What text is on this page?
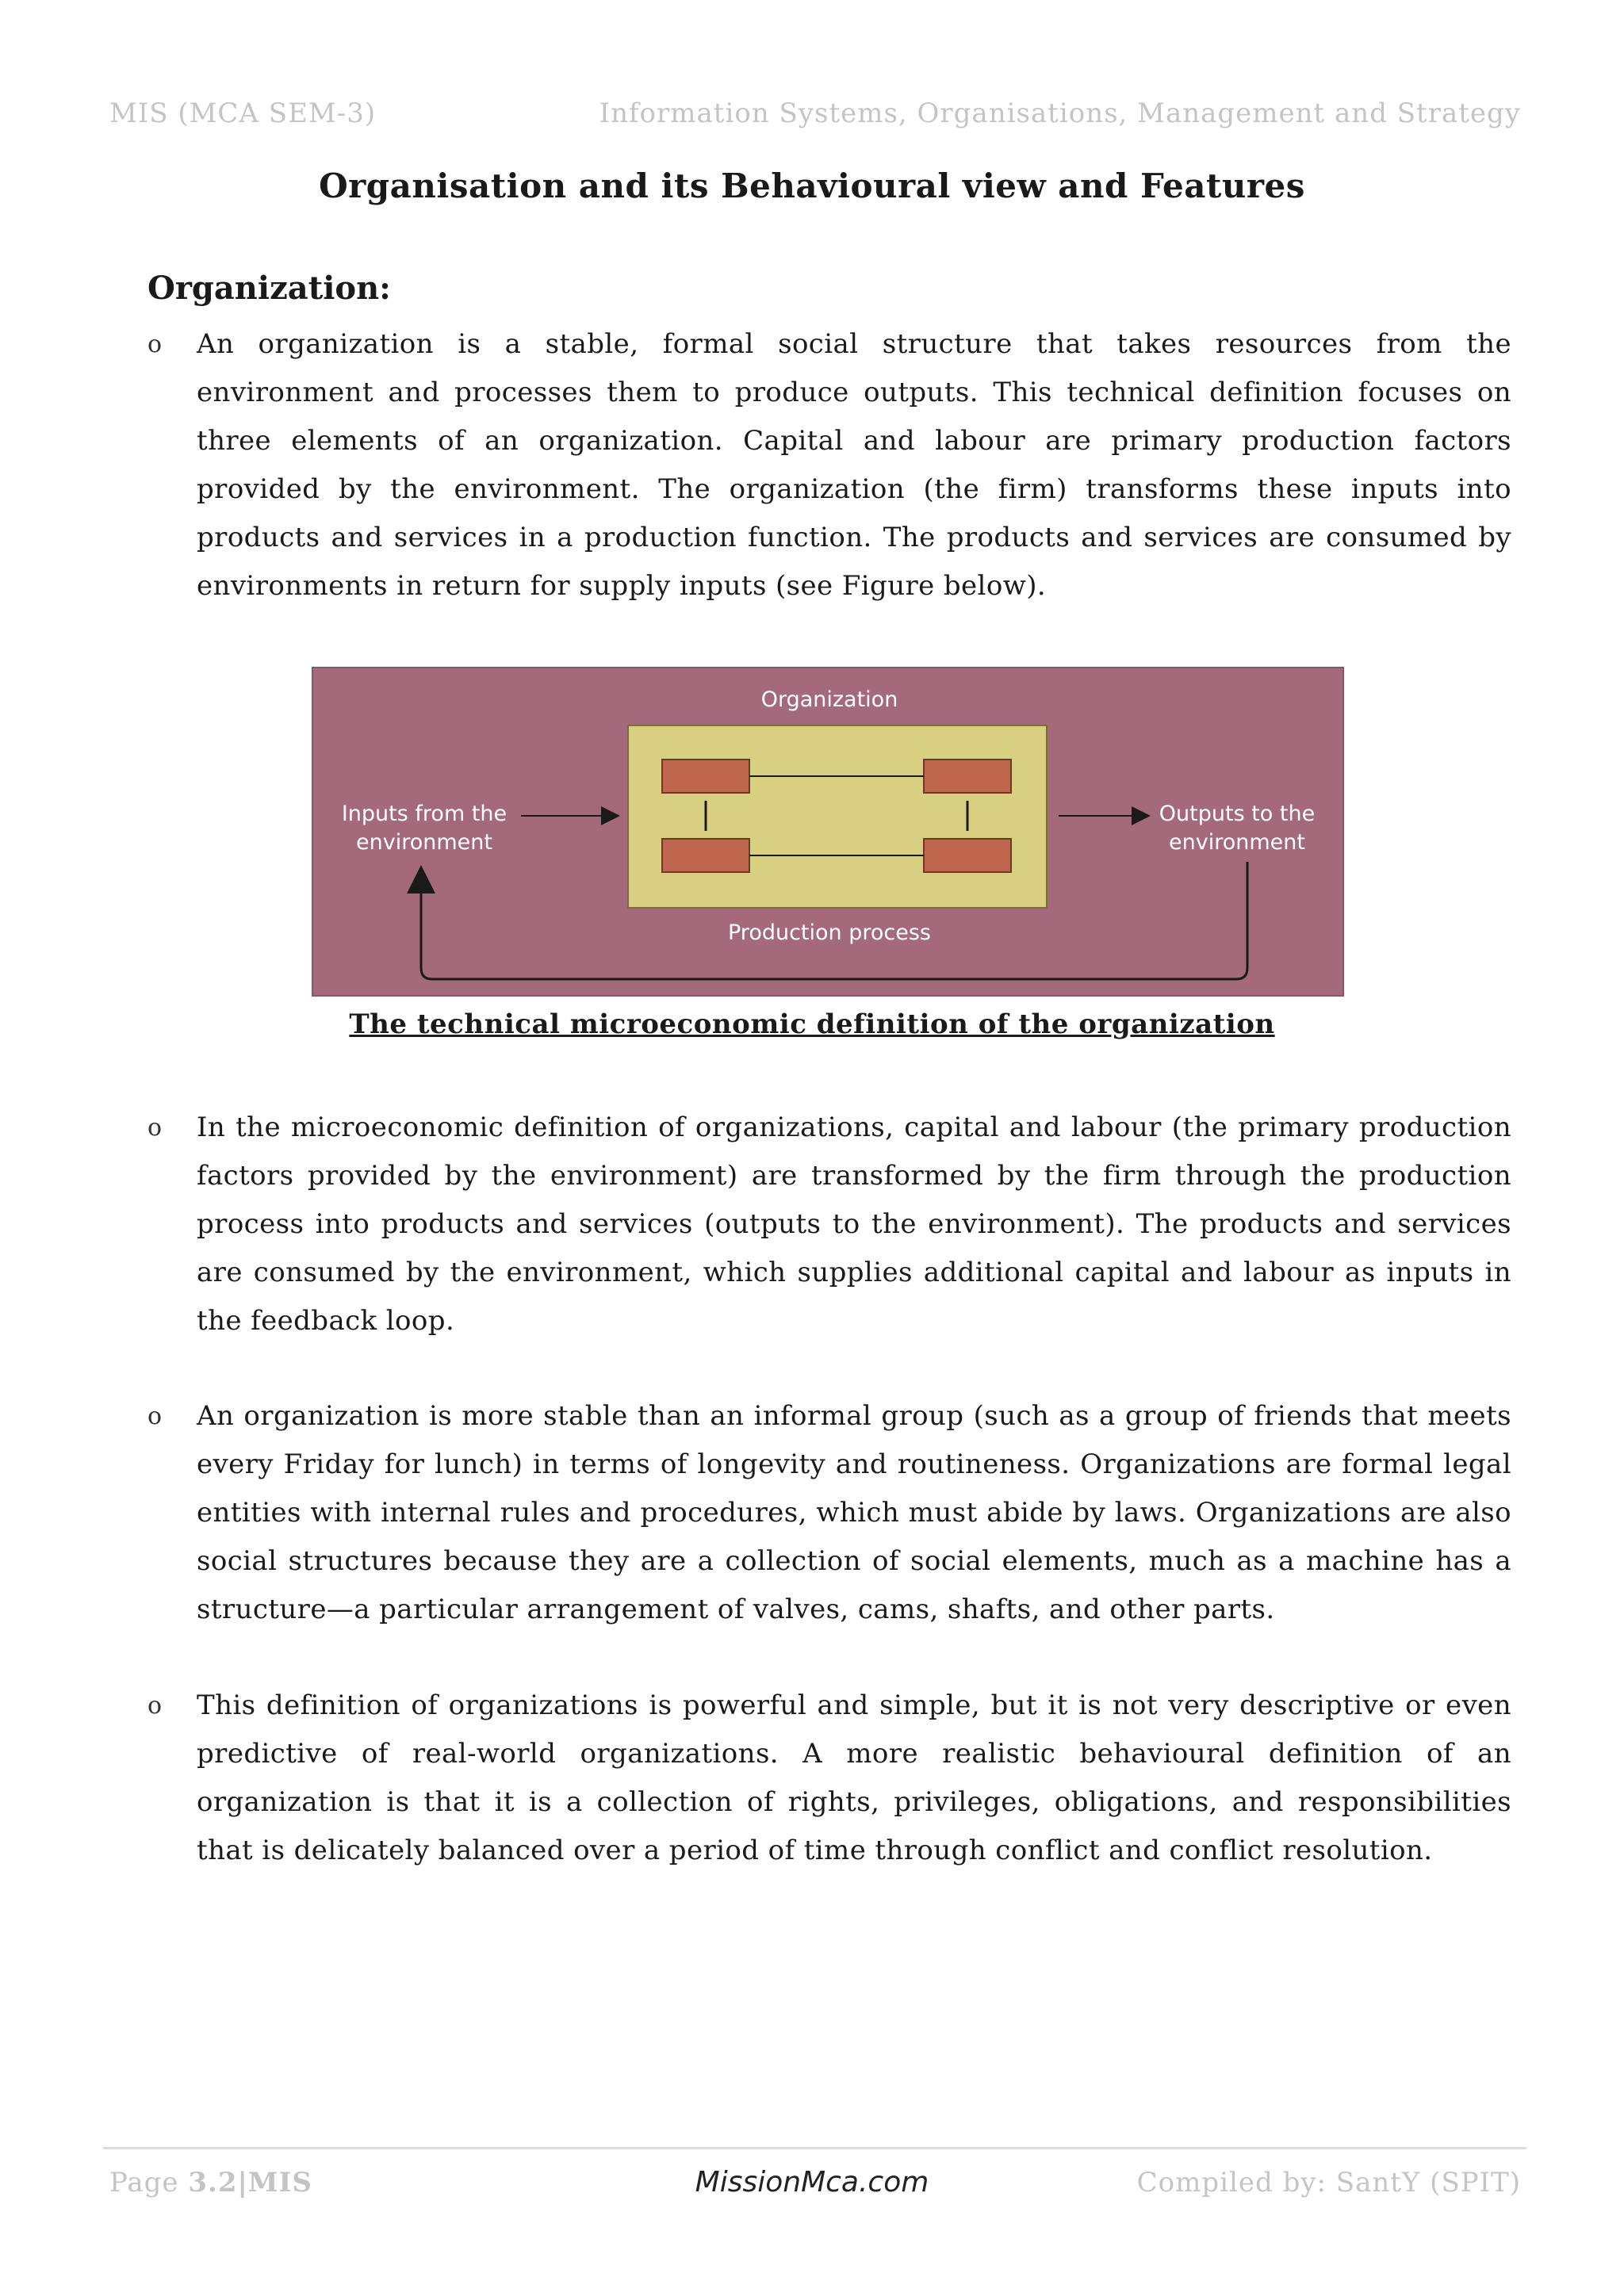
MIS (MCA SEM-3)	Information Systems, Organisations, Management and Strategy
Organisation and its Behavioural view and Features
Organization:
o An organization is a stable, formal social structure that takes resources from the environment and processes them to produce outputs. This technical definition focuses on three elements of an organization. Capital and labour are primary production factors provided by the environment. The organization (the firm) transforms these inputs into products and services in a production function. The products and services are consumed by environments in return for supply inputs (see Figure below).
Organization
Inputs from the environment
Outputs to the environment
Production process
The technical microeconomic definition of the organization
o In the microeconomic definition of organizations, capital and labour (the primary production factors provided by the environment) are transformed by the firm through the production process into products and services (outputs to the environment). The products and services are consumed by the environment, which supplies additional capital and labour as inputs in the feedback loop.
o An organization is more stable than an informal group (such as a group of friends that meets every Friday for lunch) in terms of longevity and routineness. Organizations are formal legal entities with internal rules and procedures, which must abide by laws. Organizations are also social structures because they are a collection of social elements, much as a machine has a structure—a particular arrangement of valves, cams, shafts, and other parts.
o This definition of organizations is powerful and simple, but it is not very descriptive or even predictive of real-world organizations. A more realistic behavioural definition of an organization is that it is a collection of rights, privileges, obligations, and responsibilities that is delicately balanced over a period of time through conflict and conflict resolution.
Page 3.2|MIS	Compiled by: SantY (SPIT)
MissionMca.com
